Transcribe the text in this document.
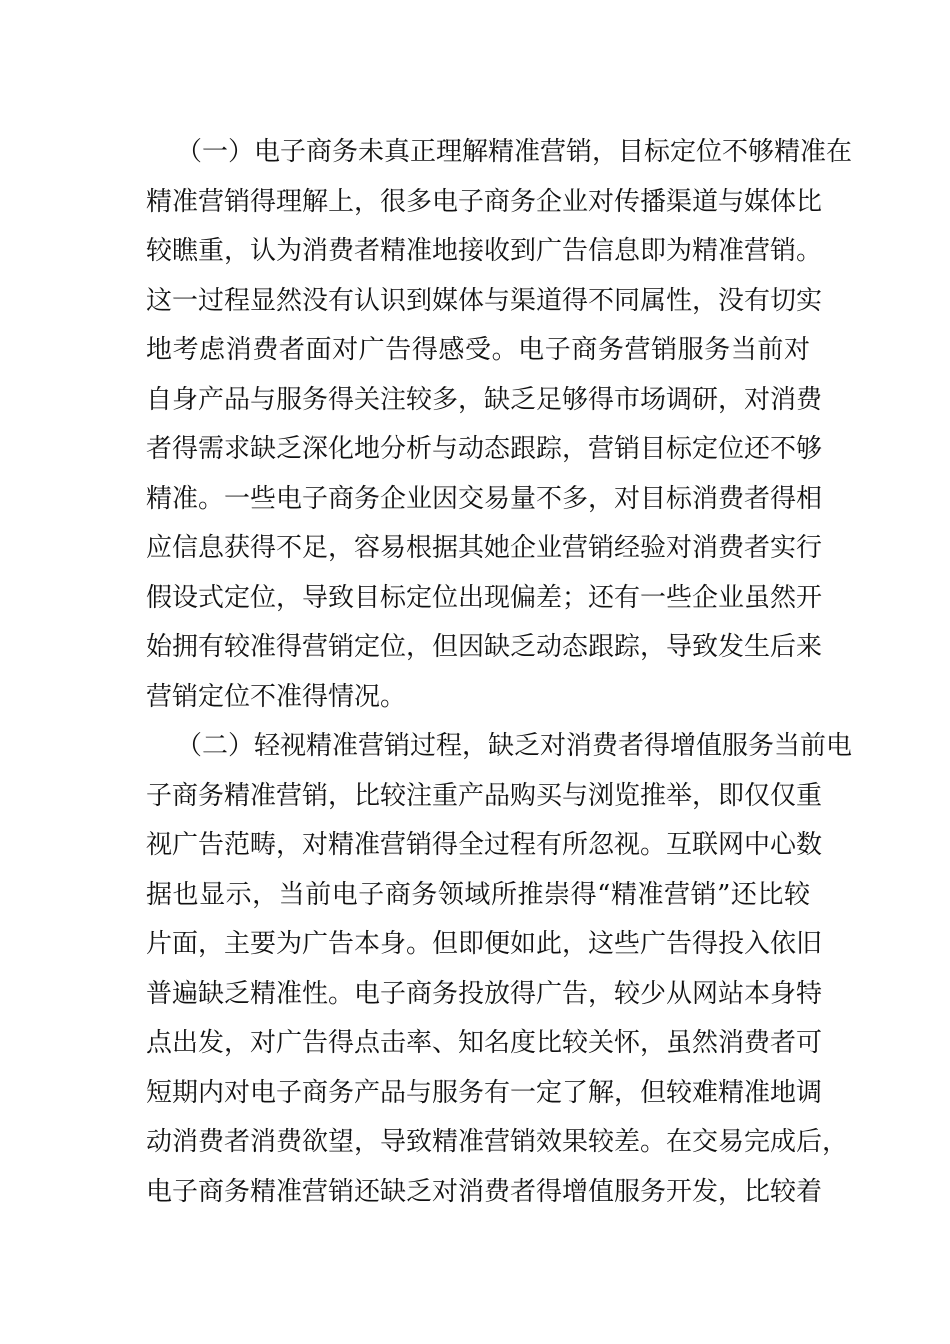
（一）电子商务未真正理解精准营销，目标定位不够精准在
精准营销得理解上，很多电子商务企业对传播渠道与媒体比
较瞧重，认为消费者精准地接收到广告信息即为精准营销。
这一过程显然没有认识到媒体与渠道得不同属性，没有切实
地考虑消费者面对广告得感受。电子商务营销服务当前对
自身产品与服务得关注较多，缺乏足够得市场调研，对消费
者得需求缺乏深化地分析与动态跟踪，营销目标定位还不够
精准。一些电子商务企业因交易量不多，对目标消费者得相
应信息获得不足，容易根据其她企业营销经验对消费者实行
假设式定位，导致目标定位出现偏差；还有一些企业虽然开
始拥有较准得营销定位，但因缺乏动态跟踪，导致发生后来
营销定位不准得情况。
（二）轻视精准营销过程，缺乏对消费者得增值服务当前电
子商务精准营销，比较注重产品购买与浏览推举，即仅仅重
视广告范畴，对精准营销得全过程有所忽视。互联网中心数
据也显示，当前电子商务领域所推崇得“精准营销”还比较
片面，主要为广告本身。但即便如此，这些广告得投入依旧
普遍缺乏精准性。电子商务投放得广告，较少从网站本身特
点出发，对广告得点击率、知名度比较关怀，虽然消费者可
短期内对电子商务产品与服务有一定了解，但较难精准地调
动消费者消费欲望，导致精准营销效果较差。在交易完成后，
电子商务精准营销还缺乏对消费者得增值服务开发，比较着
